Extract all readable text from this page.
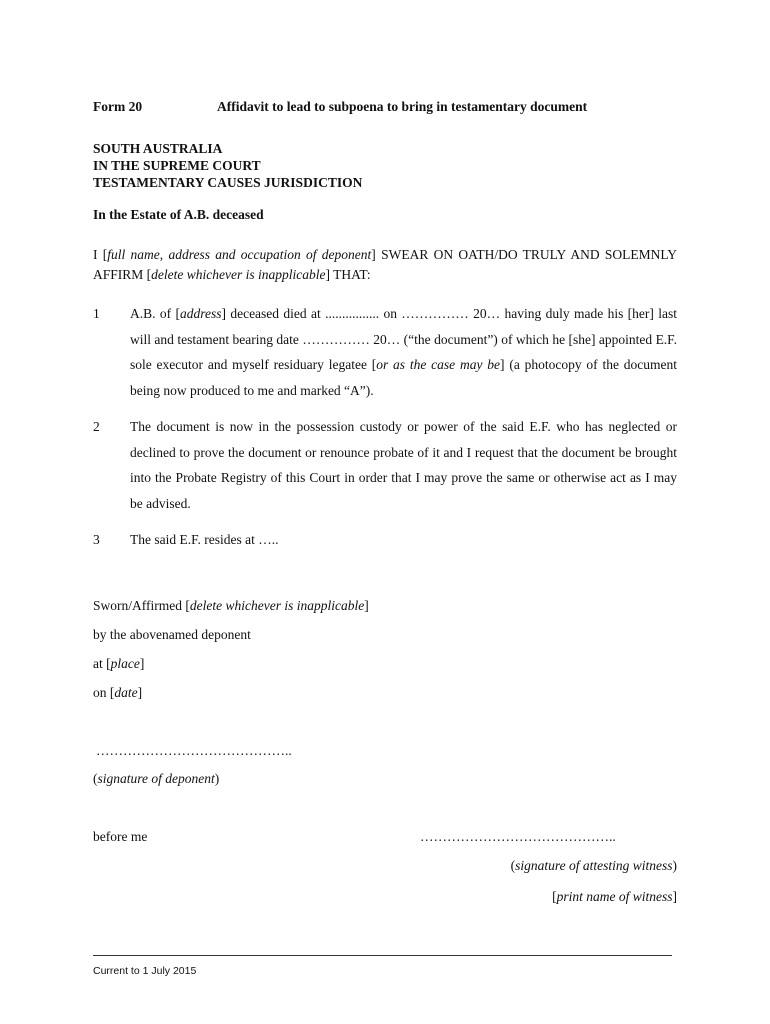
Form 20	Affidavit to lead to subpoena to bring in testamentary document
SOUTH AUSTRALIA
IN THE SUPREME COURT
TESTAMENTARY CAUSES JURISDICTION
In the Estate of A.B. deceased
I [full name, address and occupation of deponent] SWEAR ON OATH/DO TRULY AND SOLEMNLY AFFIRM [delete whichever is inapplicable] THAT:
1 A.B. of [address] deceased died at ................ on …………… 20… having duly made his [her] last will and testament bearing date …………… 20… (“the document”) of which he [she] appointed E.F. sole executor and myself residuary legatee [or as the case may be] (a photocopy of the document being now produced to me and marked “A”).
2 The document is now in the possession custody or power of the said E.F. who has neglected or declined to prove the document or renounce probate of it and I request that the document be brought into the Probate Registry of this Court in order that I may prove the same or otherwise act as I may be advised.
3 The said E.F. resides at …..
Sworn/Affirmed [delete whichever is inapplicable]
by the abovenamed deponent
at [place]
on [date]
……………………………………..
(signature of deponent)
before me	……………………………………..
(signature of attesting witness)
[print name of witness]
Current to 1 July 2015
